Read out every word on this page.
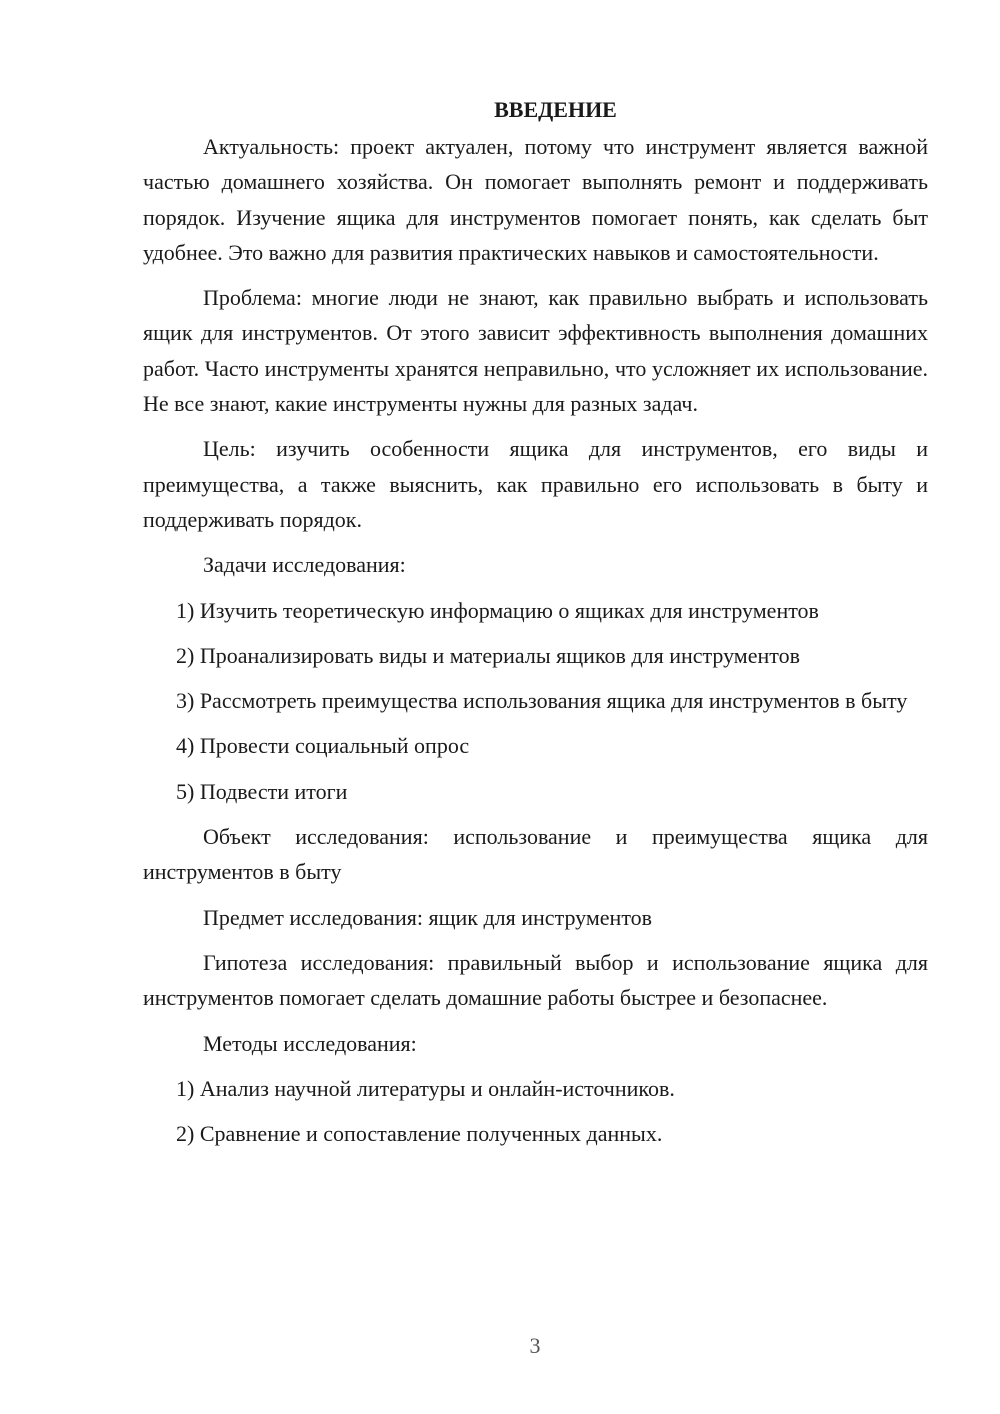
ВВЕДЕНИЕ

Актуальность: проект актуален, потому что инструмент является важной частью домашнего хозяйства. Он помогает выполнять ремонт и поддерживать порядок. Изучение ящика для инструментов помогает понять, как сделать быт удобнее. Это важно для развития практических навыков и самостоятельности.

Проблема: многие люди не знают, как правильно выбрать и использовать ящик для инструментов. От этого зависит эффективность выполнения домашних работ. Часто инструменты хранятся неправильно, что усложняет их использование. Не все знают, какие инструменты нужны для разных задач.

Цель: изучить особенности ящика для инструментов, его виды и преимущества, а также выяснить, как правильно его использовать в быту и поддерживать порядок.

Задачи исследования:

1) Изучить теоретическую информацию о ящиках для инструментов

2) Проанализировать виды и материалы ящиков для инструментов

3) Рассмотреть преимущества использования ящика для инструментов в быту

4) Провести социальный опрос

5) Подвести итоги

Объект исследования: использование и преимущества ящика для инструментов в быту

Предмет исследования: ящик для инструментов

Гипотеза исследования: правильный выбор и использование ящика для инструментов помогает сделать домашние работы быстрее и безопаснее.

Методы исследования:

1) Анализ научной литературы и онлайн-источников.

2) Сравнение и сопоставление полученных данных.

3
